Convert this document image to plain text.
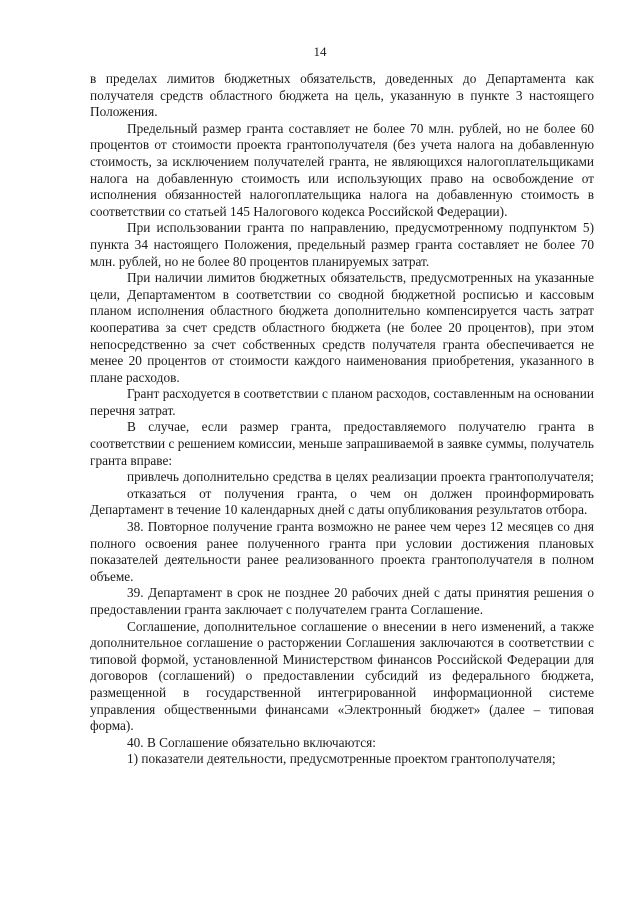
14

в пределах лимитов бюджетных обязательств, доведенных до Департамента как получателя средств областного бюджета на цель, указанную в пункте 3 настоящего Положения.

Предельный размер гранта составляет не более 70 млн. рублей, но не более 60 процентов от стоимости проекта грантополучателя (без учета налога на добавленную стоимость, за исключением получателей гранта, не являющихся налогоплательщиками налога на добавленную стоимость или использующих право на освобождение от исполнения обязанностей налогоплательщика налога на добавленную стоимость в соответствии со статьей 145 Налогового кодекса Российской Федерации).

При использовании гранта по направлению, предусмотренному подпунктом 5) пункта 34 настоящего Положения, предельный размер гранта составляет не более 70 млн. рублей, но не более 80 процентов планируемых затрат.

При наличии лимитов бюджетных обязательств, предусмотренных на указанные цели, Департаментом в соответствии со сводной бюджетной росписью и кассовым планом исполнения областного бюджета дополнительно компенсируется часть затрат кооператива за счет средств областного бюджета (не более 20 процентов), при этом непосредственно за счет собственных средств получателя гранта обеспечивается не менее 20 процентов от стоимости каждого наименования приобретения, указанного в плане расходов.

Грант расходуется в соответствии с планом расходов, составленным на основании перечня затрат.

В случае, если размер гранта, предоставляемого получателю гранта в соответствии с решением комиссии, меньше запрашиваемой в заявке суммы, получатель гранта вправе:

привлечь дополнительно средства в целях реализации проекта грантополучателя;

отказаться от получения гранта, о чем он должен проинформировать Департамент в течение 10 календарных дней с даты опубликования результатов отбора.

38. Повторное получение гранта возможно не ранее чем через 12 месяцев со дня полного освоения ранее полученного гранта при условии достижения плановых показателей деятельности ранее реализованного проекта грантополучателя в полном объеме.

39. Департамент в срок не позднее 20 рабочих дней с даты принятия решения о предоставлении гранта заключает с получателем гранта Соглашение.

Соглашение, дополнительное соглашение о внесении в него изменений, а также дополнительное соглашение о расторжении Соглашения заключаются в соответствии с типовой формой, установленной Министерством финансов Российской Федерации для договоров (соглашений) о предоставлении субсидий из федерального бюджета, размещенной в государственной интегрированной информационной системе управления общественными финансами «Электронный бюджет» (далее – типовая форма).

40. В Соглашение обязательно включаются:

1) показатели деятельности, предусмотренные проектом грантополучателя;
